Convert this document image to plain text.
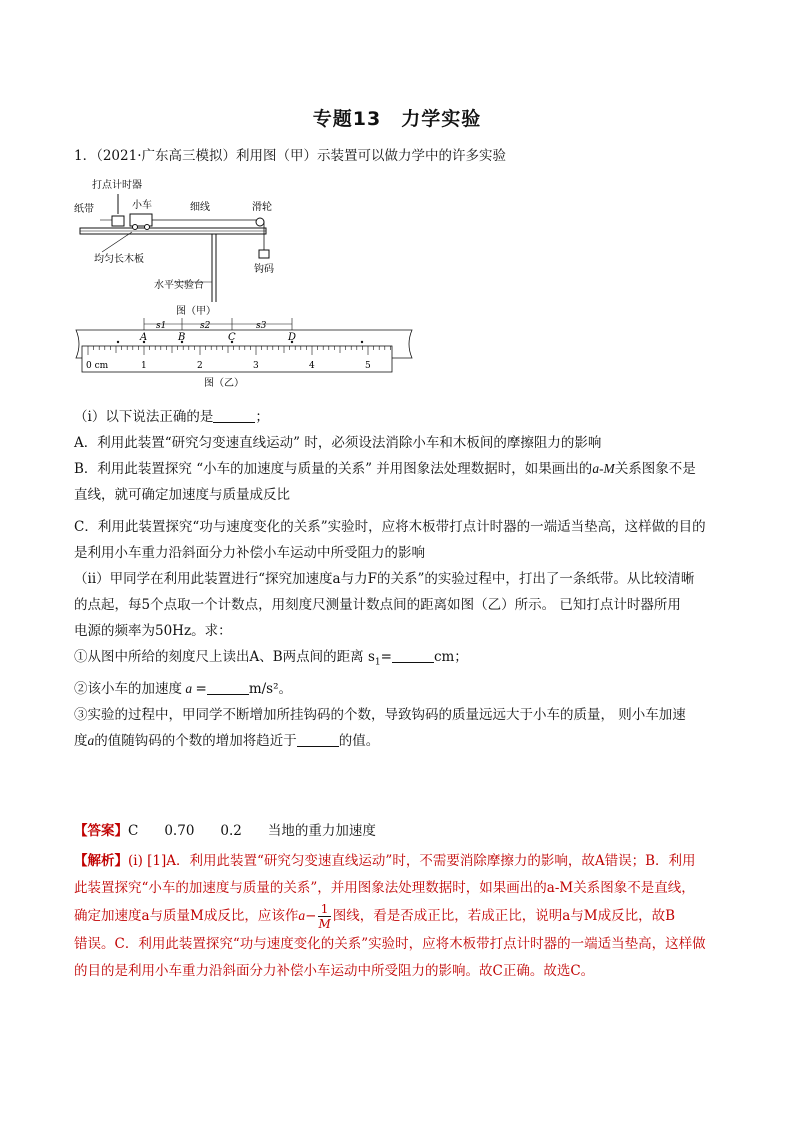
专题13 力学实验
1．（2021·广东高三模拟）利用图（甲）示装置可以做力学中的许多实验
打点计时器
纸带	小车	细线	滑轮
均匀长木板
水平实验台
钩码
图（甲）
A	B	C	D
s1	s2	s3
0 cm	1	2	3	4	5
图（乙）
（i）以下说法正确的是	；
A．利用此装置“研究匀变速直线运动” 时，必须设法消除小车和木板间的摩擦阻力的影响
B．利用此装置探究 “小车的加速度与质量的关系” 并用图象法处理数据时，如果画出的a-M关系图象不是
直线，就可确定加速度与质量成反比
C．利用此装置探究“功与速度变化的关系”实验时，应将木板带打点计时器的一端适当垫高，这样做的目的
是利用小车重力沿斜面分力补偿小车运动中所受阻力的影响
（ii）甲同学在利用此装置进行“探究加速度a与力F的关系”的实验过程中，打出了一条纸带。从比较清晰
的点起，每5个点取一个计数点，用刻度尺测量计数点间的距离如图（乙）所示。 已知打点计时器所用
电源的频率为50Hz。求：
①从图中所给的刻度尺上读出A、B两点间的距离 $s_1=$	cm；
②该小车的加速度 a =	m/s²。
③实验的过程中，甲同学不断增加所挂钩码的个数，导致钩码的质量远远大于小车的质量， 则小车加速
度a的值随钩码的个数的增加将趋近于	的值。
【答案】C 0.70 0.2 当地的重力加速度
【解析】(i) [1]A．利用此装置“研究匀变速直线运动”时，不需要消除摩擦力的影响，故A错误；B．利用
此装置探究“小车的加速度与质量的关系”，并用图象法处理数据时，如果画出的a-M关系图象不是直线，
确定加速度a与质量M成反比，应该作$a- \frac{1}{M}$ 图线，看是否成正比，若成正比，说明a与M成反比，故B
错误。C．利用此装置探究“功与速度变化的关系”实验时，应将木板带打点计时器的一端适当垫高，这样做
的目的是利用小车重力沿斜面分力补偿小车运动中所受阻力的影响。故C正确。故选C。
